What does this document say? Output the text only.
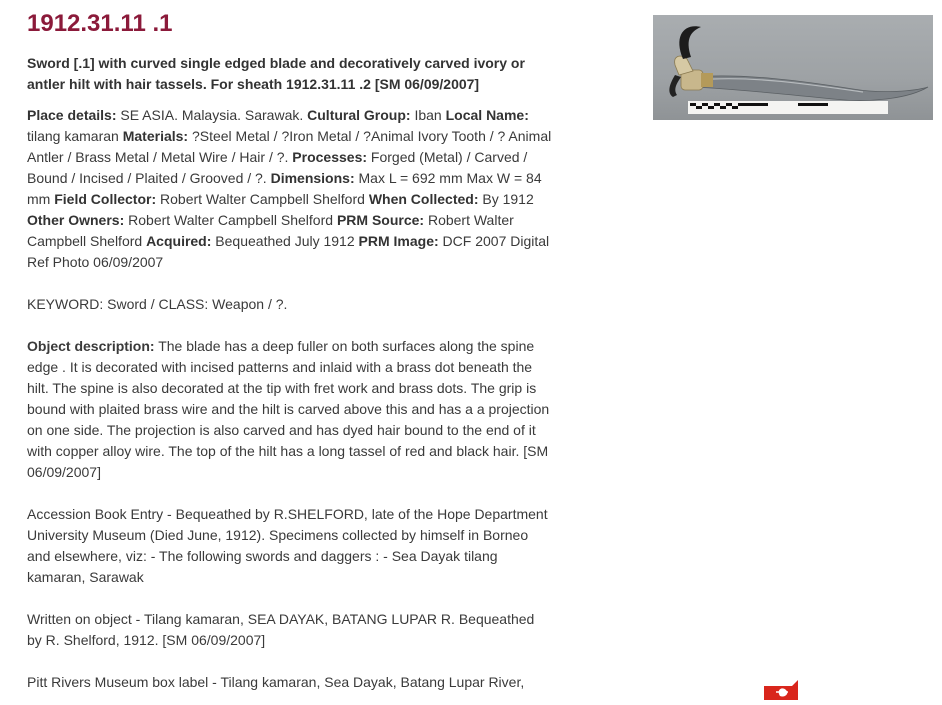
1912.31.11 .1
Sword [.1] with curved single edged blade and decoratively carved ivory or antler hilt with hair tassels. For sheath 1912.31.11 .2 [SM 06/09/2007]

Place details: SE ASIA. Malaysia. Sarawak. Cultural Group: Iban Local Name: tilang kamaran Materials: ?Steel Metal / ?Iron Metal / ?Animal Ivory Tooth / ? Animal Antler / Brass Metal / Metal Wire / Hair / ?. Processes: Forged (Metal) / Carved / Bound / Incised / Plaited / Grooved / ?. Dimensions: Max L = 692 mm Max W = 84 mm Field Collector: Robert Walter Campbell Shelford When Collected: By 1912 Other Owners: Robert Walter Campbell Shelford PRM Source: Robert Walter Campbell Shelford Acquired: Bequeathed July 1912 PRM Image: DCF 2007 Digital Ref Photo 06/09/2007

KEYWORD: Sword / CLASS: Weapon / ?.

Object description: The blade has a deep fuller on both surfaces along the spine edge . It is decorated with incised patterns and inlaid with a brass dot beneath the hilt. The spine is also decorated at the tip with fret work and brass dots. The grip is bound with plaited brass wire and the hilt is carved above this and has a a projection on one side. The projection is also carved and has dyed hair bound to the end of it with copper alloy wire. The top of the hilt has a long tassel of red and black hair. [SM 06/09/2007]

Accession Book Entry - Bequeathed by R.SHELFORD, late of the Hope Department University Museum (Died June, 1912). Specimens collected by himself in Borneo and elsewhere, viz: - The following swords and daggers : - Sea Dayak tilang kamaran, Sarawak

Written on object - Tilang kamaran, SEA DAYAK, BATANG LUPAR R. Bequeathed by R. Shelford, 1912. [SM 06/09/2007]

Pitt Rivers Museum box label - Tilang kamaran, Sea Dayak, Batang Lupar River,
